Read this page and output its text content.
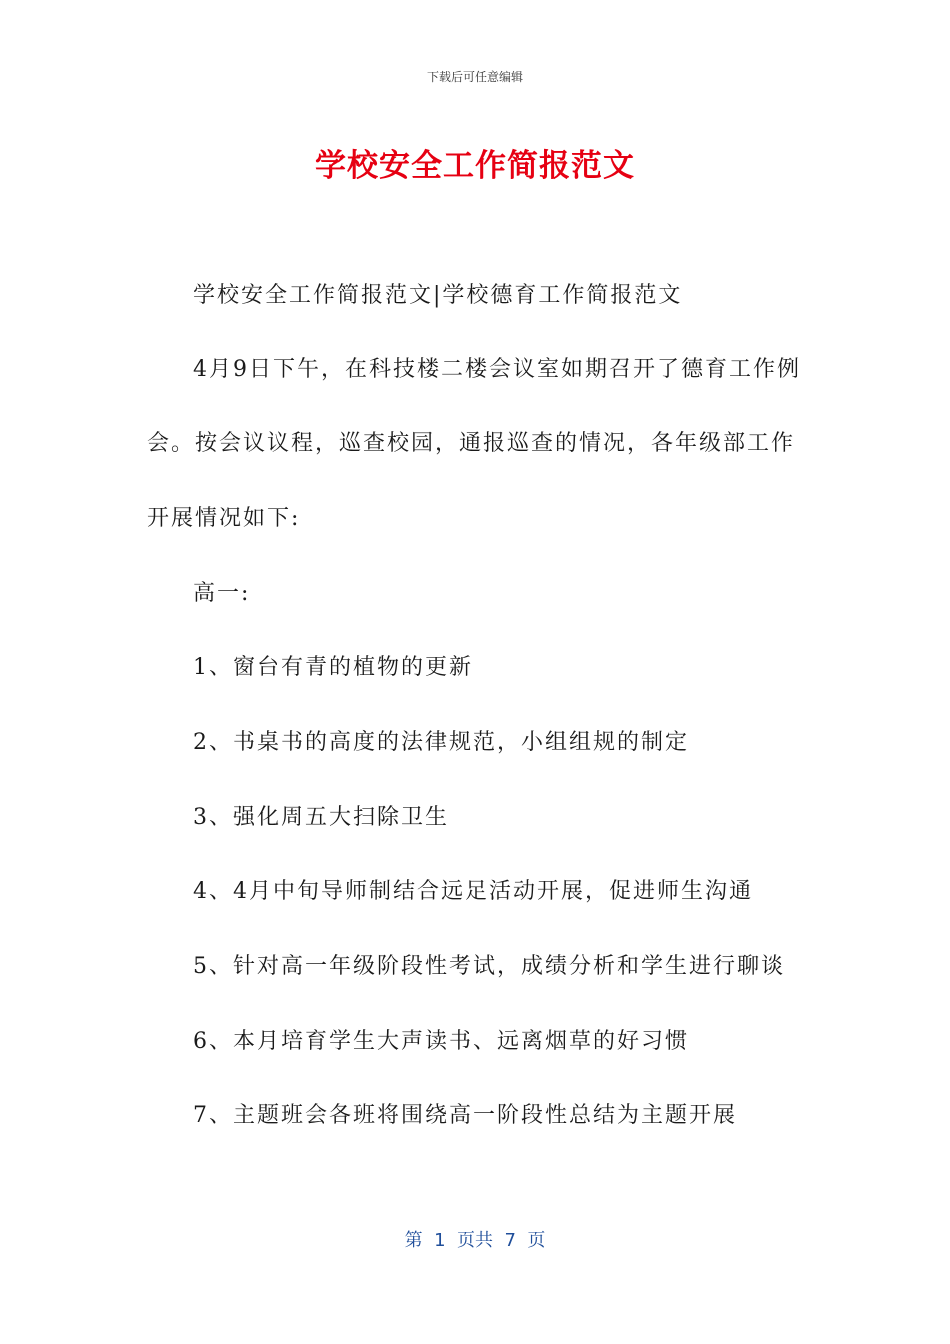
下载后可任意编辑
学校安全工作简报范文
学校安全工作简报范文|学校德育工作简报范文
4月9日下午，在科技楼二楼会议室如期召开了德育工作例
会。按会议议程，巡查校园，通报巡查的情况，各年级部工作
开展情况如下:
高一:
1、窗台有青的植物的更新
2、书桌书的高度的法律规范，小组组规的制定
3、强化周五大扫除卫生
4、4月中旬导师制结合远足活动开展，促进师生沟通
5、针对高一年级阶段性考试，成绩分析和学生进行聊谈
6、本月培育学生大声读书、远离烟草的好习惯
7、主题班会各班将围绕高一阶段性总结为主题开展
第  1  页共  7  页
